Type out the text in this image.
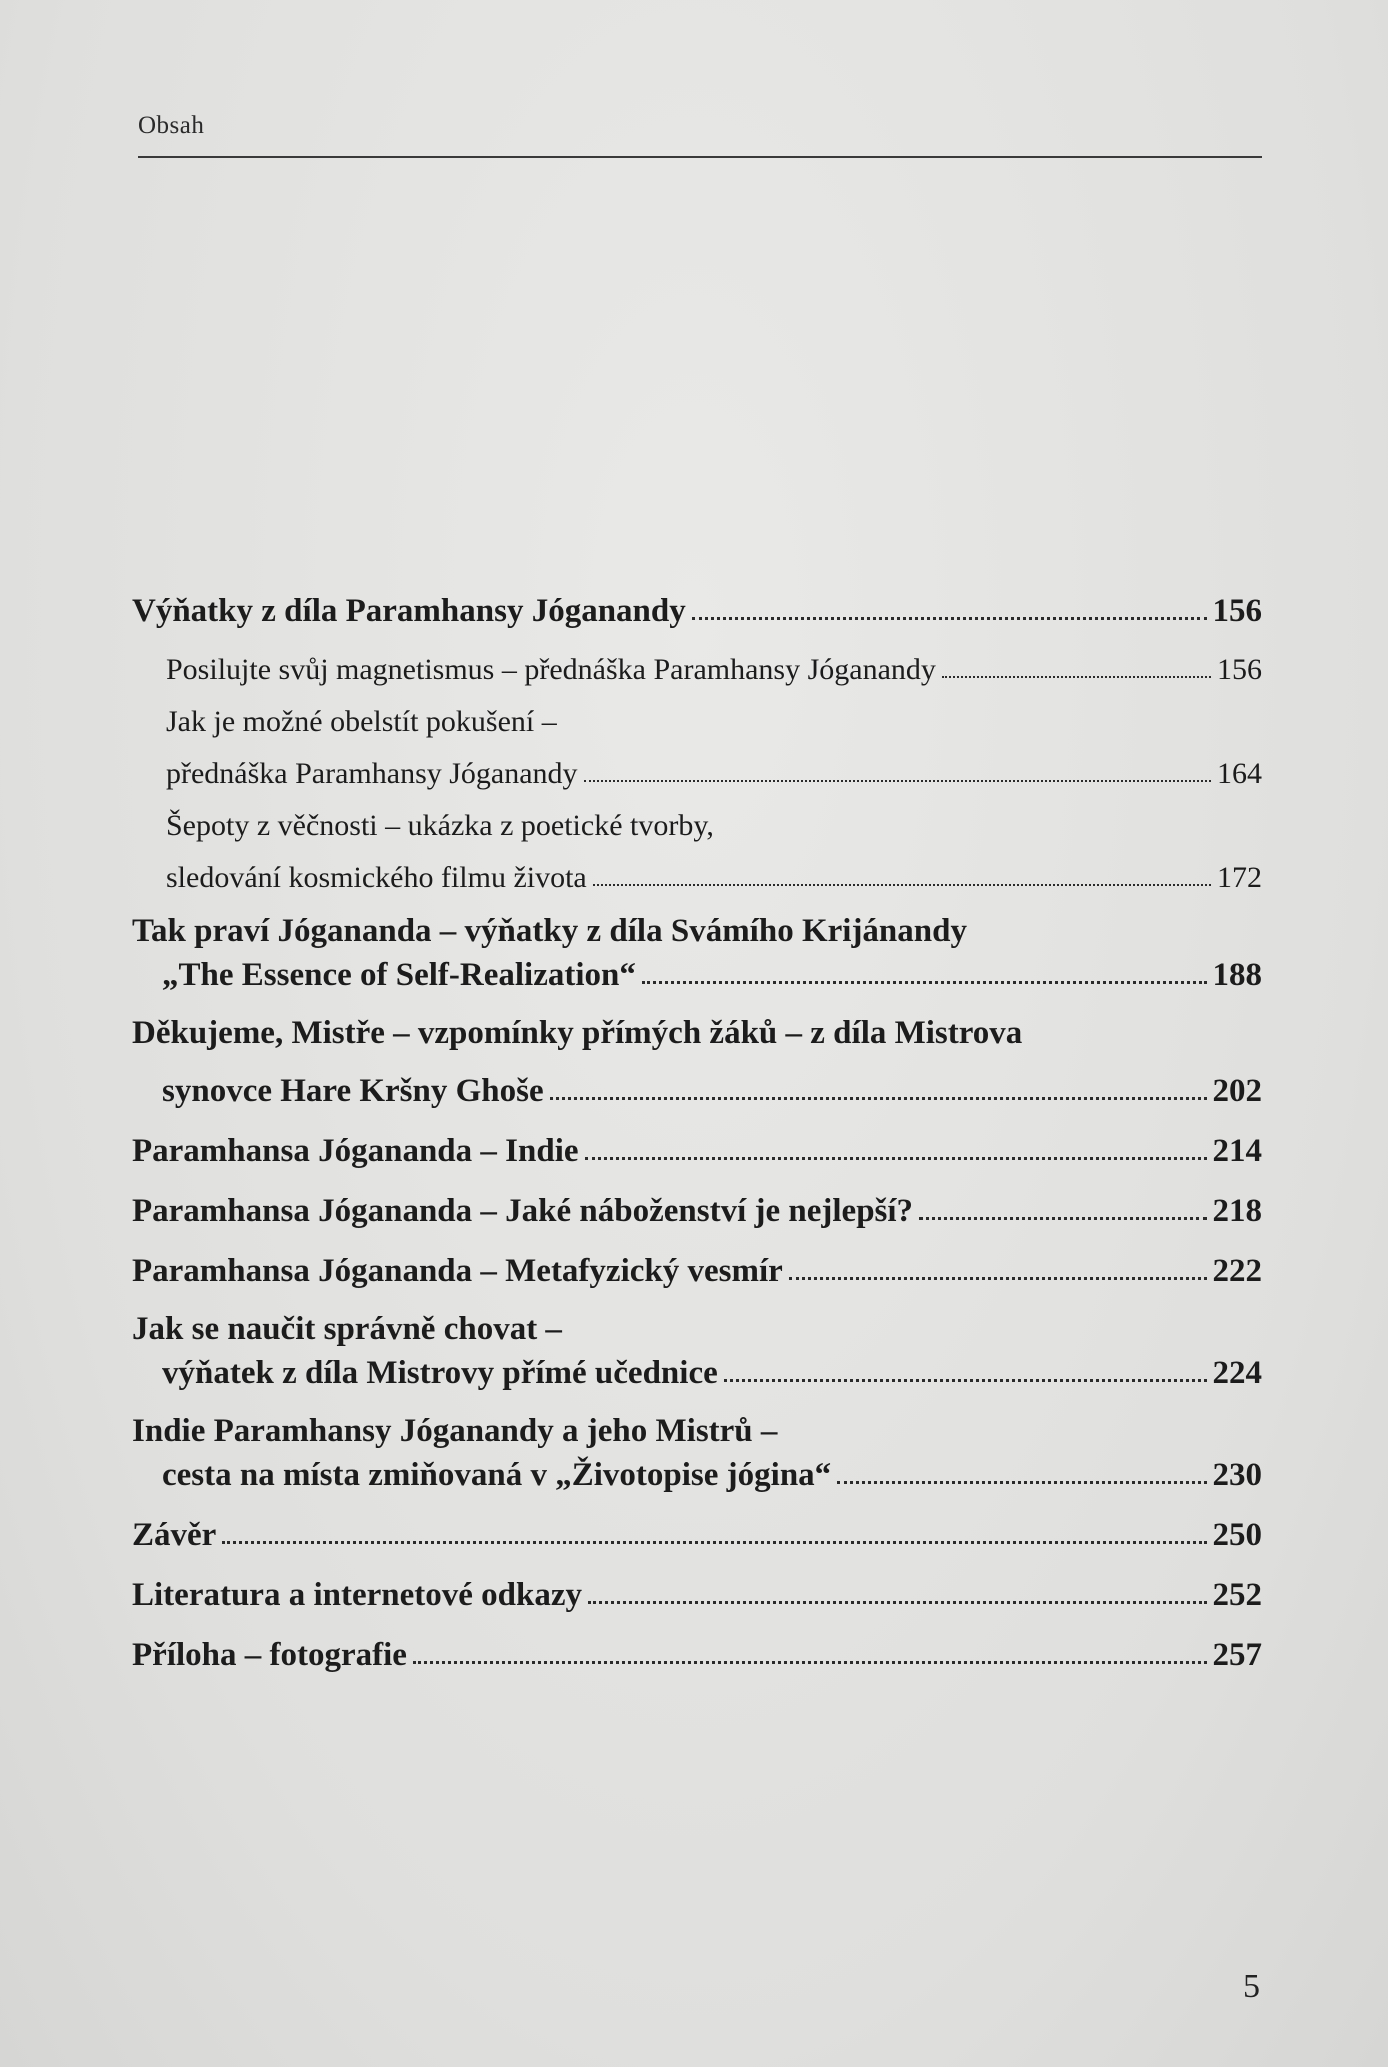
Obsah
Výňatky z díla Paramhansy Jóganandy	156
Posilujte svůj magnetismus – přednáška Paramhansy Jóganandy	156
Jak je možné obelstít pokušení –
přednáška Paramhansy Jóganandy	164
Šepoty z věčnosti – ukázka z poetické tvorby,
sledování kosmického filmu života	172
Tak praví Jógananda – výňatky z díla Svámího Krijánandy
„The Essence of Self-Realization“	188
Děkujeme, Mistře – vzpomínky přímých žáků – z díla Mistrova
synovce Hare Kršny Ghoše	202
Paramhansa Jógananda – Indie	214
Paramhansa Jógananda – Jaké náboženství je nejlepší?	218
Paramhansa Jógananda – Metafyzický vesmír	222
Jak se naučit správně chovat –
výňatek z díla Mistrovy přímé učednice	224
Indie Paramhansy Jóganandy a jeho Mistrů –
cesta na místa zmiňovaná v „Životopise jógina“	230
Závěr	250
Literatura a internetové odkazy	252
Příloha – fotografie	257
5
